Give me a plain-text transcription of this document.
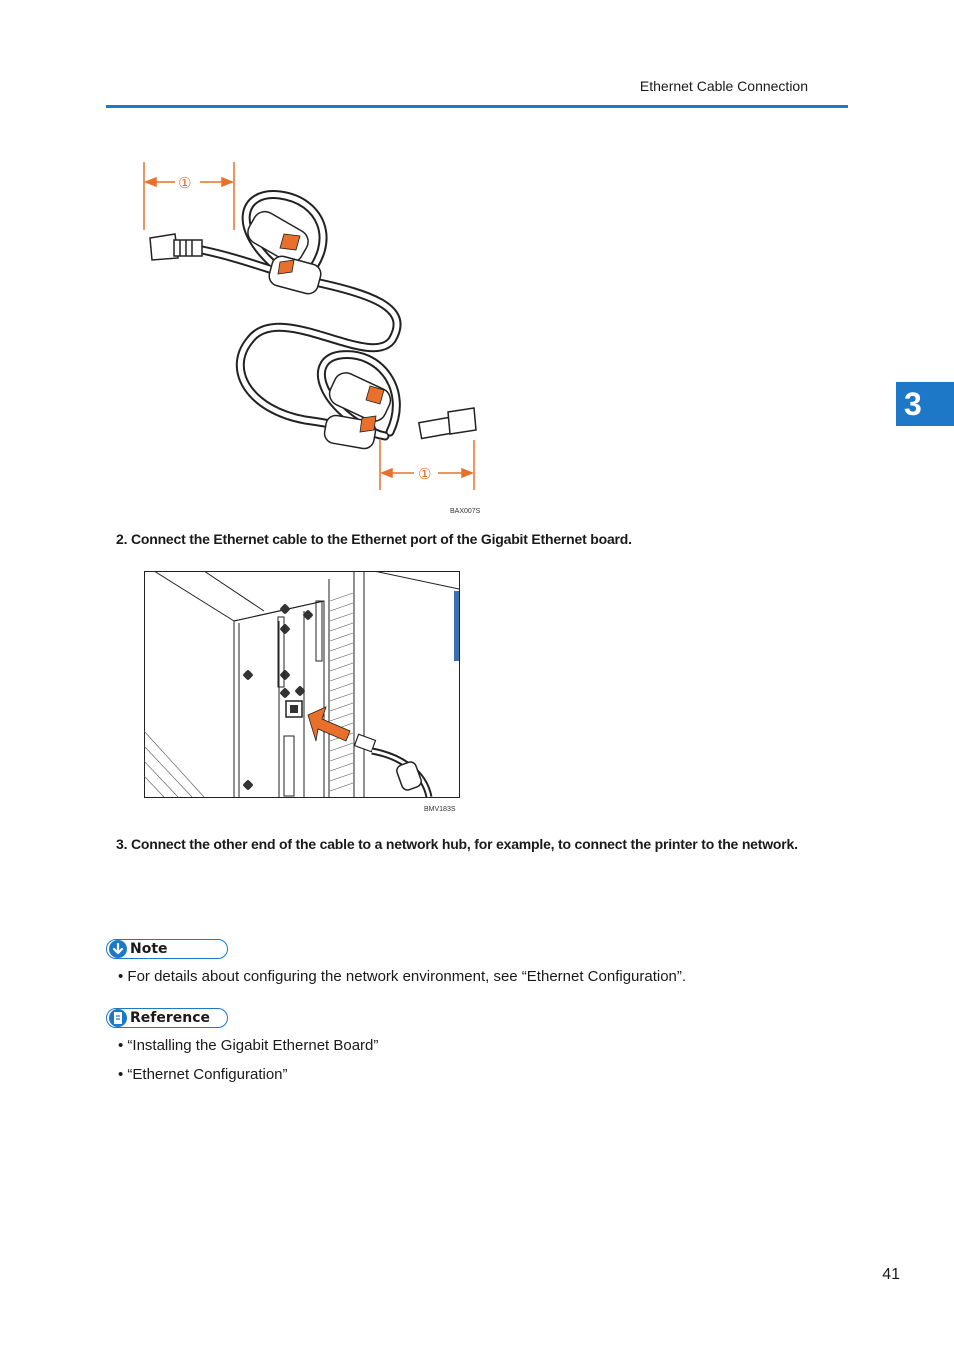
Ethernet Cable Connection
3
①
①
BAX007S
2. Connect the Ethernet cable to the Ethernet port of the Gigabit Ethernet board.
BMV183S
3. Connect the other end of the cable to a network hub, for example, to connect the printer to the network.
Note
• For details about configuring the network environment, see “Ethernet Configuration”.
Reference
• “Installing the Gigabit Ethernet Board”
• “Ethernet Configuration”
41
